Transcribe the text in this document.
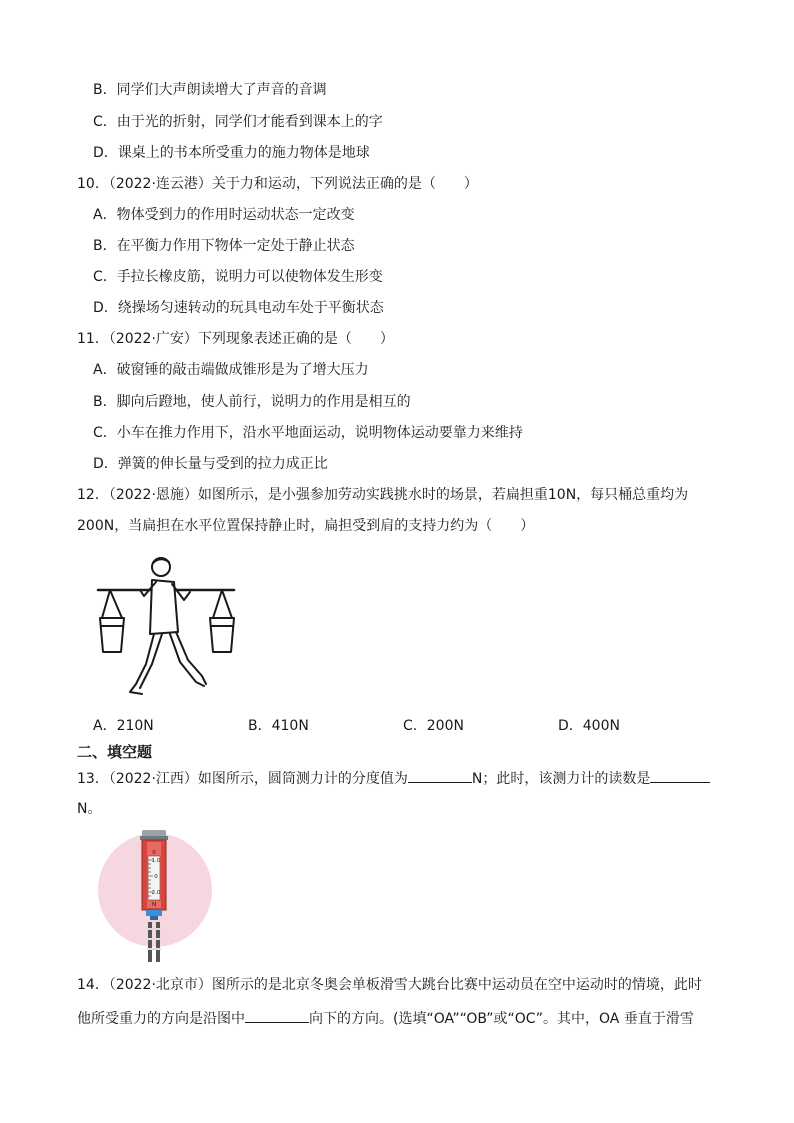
B．同学们大声朗读增大了声音的音调
C．由于光的折射，同学们才能看到课本上的字
D．课桌上的书本所受重力的施力物体是地球
10．（2022·连云港）关于力和运动，下列说法正确的是（　　）
A．物体受到力的作用时运动状态一定改变
B．在平衡力作用下物体一定处于静止状态
C．手拉长橡皮筋，说明力可以使物体发生形变
D．绕操场匀速转动的玩具电动车处于平衡状态
11．（2022·广安）下列现象表述正确的是（　　）
A．破窗锤的敲击端做成锥形是为了增大压力
B．脚向后蹬地，使人前行，说明力的作用是相互的
C．小车在推力作用下，沿水平地面运动，说明物体运动要靠力来维持
D．弹簧的伸长量与受到的拉力成正比
12．（2022·恩施）如图所示，是小强参加劳动实践挑水时的场景，若扁担重10N，每只桶总重均为
200N，当扁担在水平位置保持静止时，扁担受到肩的支持力约为（　　）
A．210N	B．410N	C．200N	D．400N
二、填空题
13．（2022·江西）如图所示，圆筒测力计的分度值为	N；此时，该测力计的读数是
N。
0
1.0
0
2.0
N
14．（2022·北京市）图所示的是北京冬奥会单板滑雪大跳台比赛中运动员在空中运动时的情境，此时
他所受重力的方向是沿图中	向下的方向。(选填“OA”“OB”或“OC”。其中，OA 垂直于滑雪
